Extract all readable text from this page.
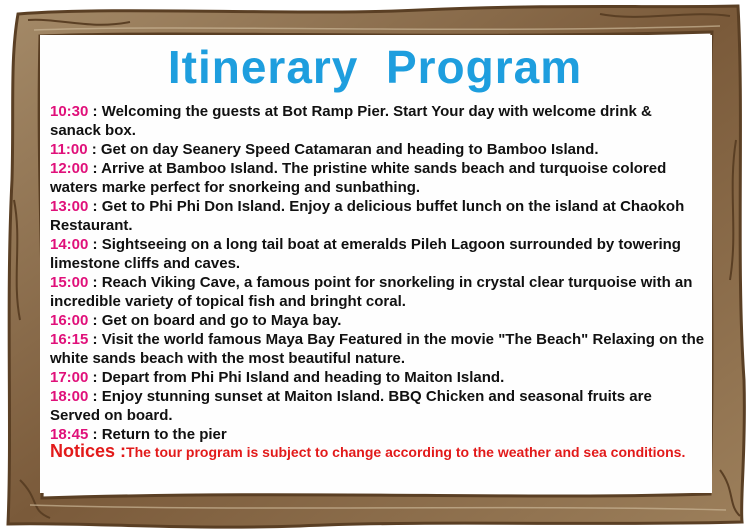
Itinerary  Program

10:30 : Welcoming the guests at Bot Ramp Pier. Start Your day with welcome drink & sanack box.

11:00 : Get on day Seanery Speed Catamaran and heading to Bamboo Island.

12:00 : Arrive at Bamboo Island. The pristine white sands beach and turquoise colored waters marke perfect for snorkeing and sunbathing.

13:00 : Get to Phi Phi Don Island. Enjoy a delicious buffet lunch on the island at Chaokoh Restaurant.

14:00 : Sightseeing on a long tail boat at emeralds Pileh Lagoon surrounded by towering limestone cliffs and caves.

15:00 : Reach Viking Cave, a famous point for snorkeling in crystal clear turquoise with an incredible variety of topical fish and bringht coral.

16:00 : Get on board and go to Maya bay.

16:15 : Visit the world famous Maya Bay Featured in the movie "The Beach" Relaxing on the white sands beach with the most beautiful nature.

17:00 : Depart from Phi Phi Island and heading to Maiton Island.

18:00 : Enjoy stunning sunset at Maiton Island. BBQ Chicken and seasonal fruits are Served on board.

18:45 : Return to the pier

Notices :The tour program is subject to change according to the weather and sea conditions.
